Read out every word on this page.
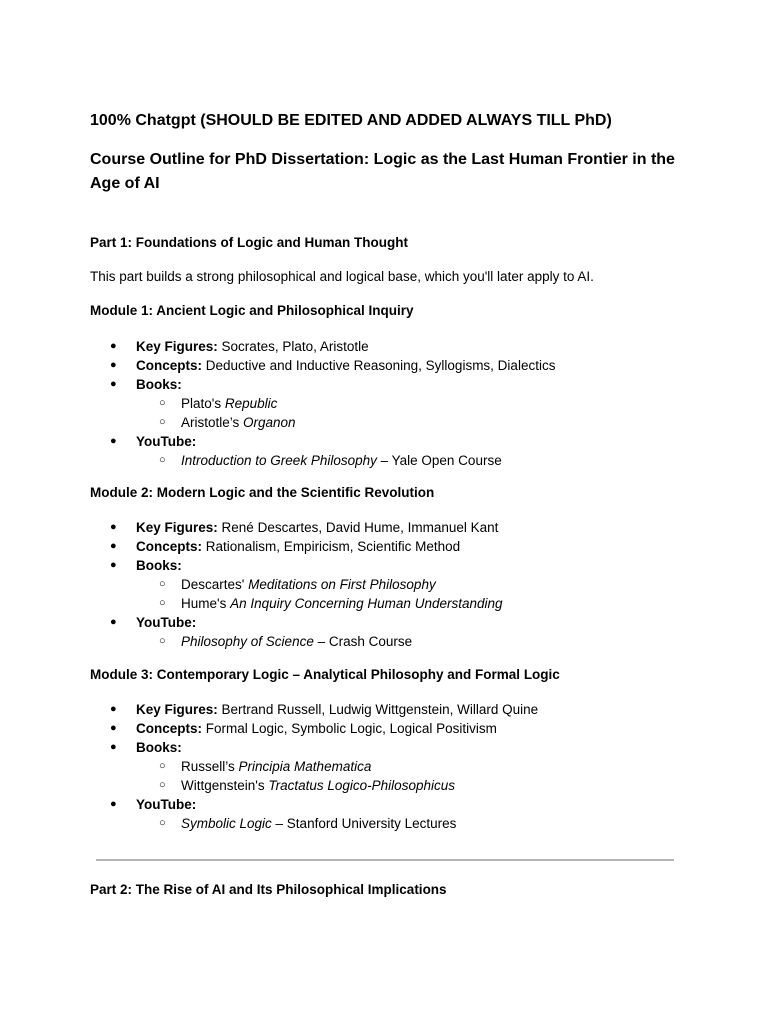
100% Chatgpt (SHOULD BE EDITED AND ADDED ALWAYS TILL PhD)
Course Outline for PhD Dissertation: Logic as the Last Human Frontier in the Age of AI
Part 1: Foundations of Logic and Human Thought
This part builds a strong philosophical and logical base, which you'll later apply to AI.
Module 1: Ancient Logic and Philosophical Inquiry
● Key Figures: Socrates, Plato, Aristotle
● Concepts: Deductive and Inductive Reasoning, Syllogisms, Dialectics
● Books:
○ Plato's Republic
○ Aristotle’s Organon
● YouTube:
○ Introduction to Greek Philosophy – Yale Open Course
Module 2: Modern Logic and the Scientific Revolution
● Key Figures: René Descartes, David Hume, Immanuel Kant
● Concepts: Rationalism, Empiricism, Scientific Method
● Books:
○ Descartes' Meditations on First Philosophy
○ Hume's An Inquiry Concerning Human Understanding
● YouTube:
○ Philosophy of Science – Crash Course
Module 3: Contemporary Logic – Analytical Philosophy and Formal Logic
● Key Figures: Bertrand Russell, Ludwig Wittgenstein, Willard Quine
● Concepts: Formal Logic, Symbolic Logic, Logical Positivism
● Books:
○ Russell’s Principia Mathematica
○ Wittgenstein's Tractatus Logico-Philosophicus
● YouTube:
○ Symbolic Logic – Stanford University Lectures
Part 2: The Rise of AI and Its Philosophical Implications
